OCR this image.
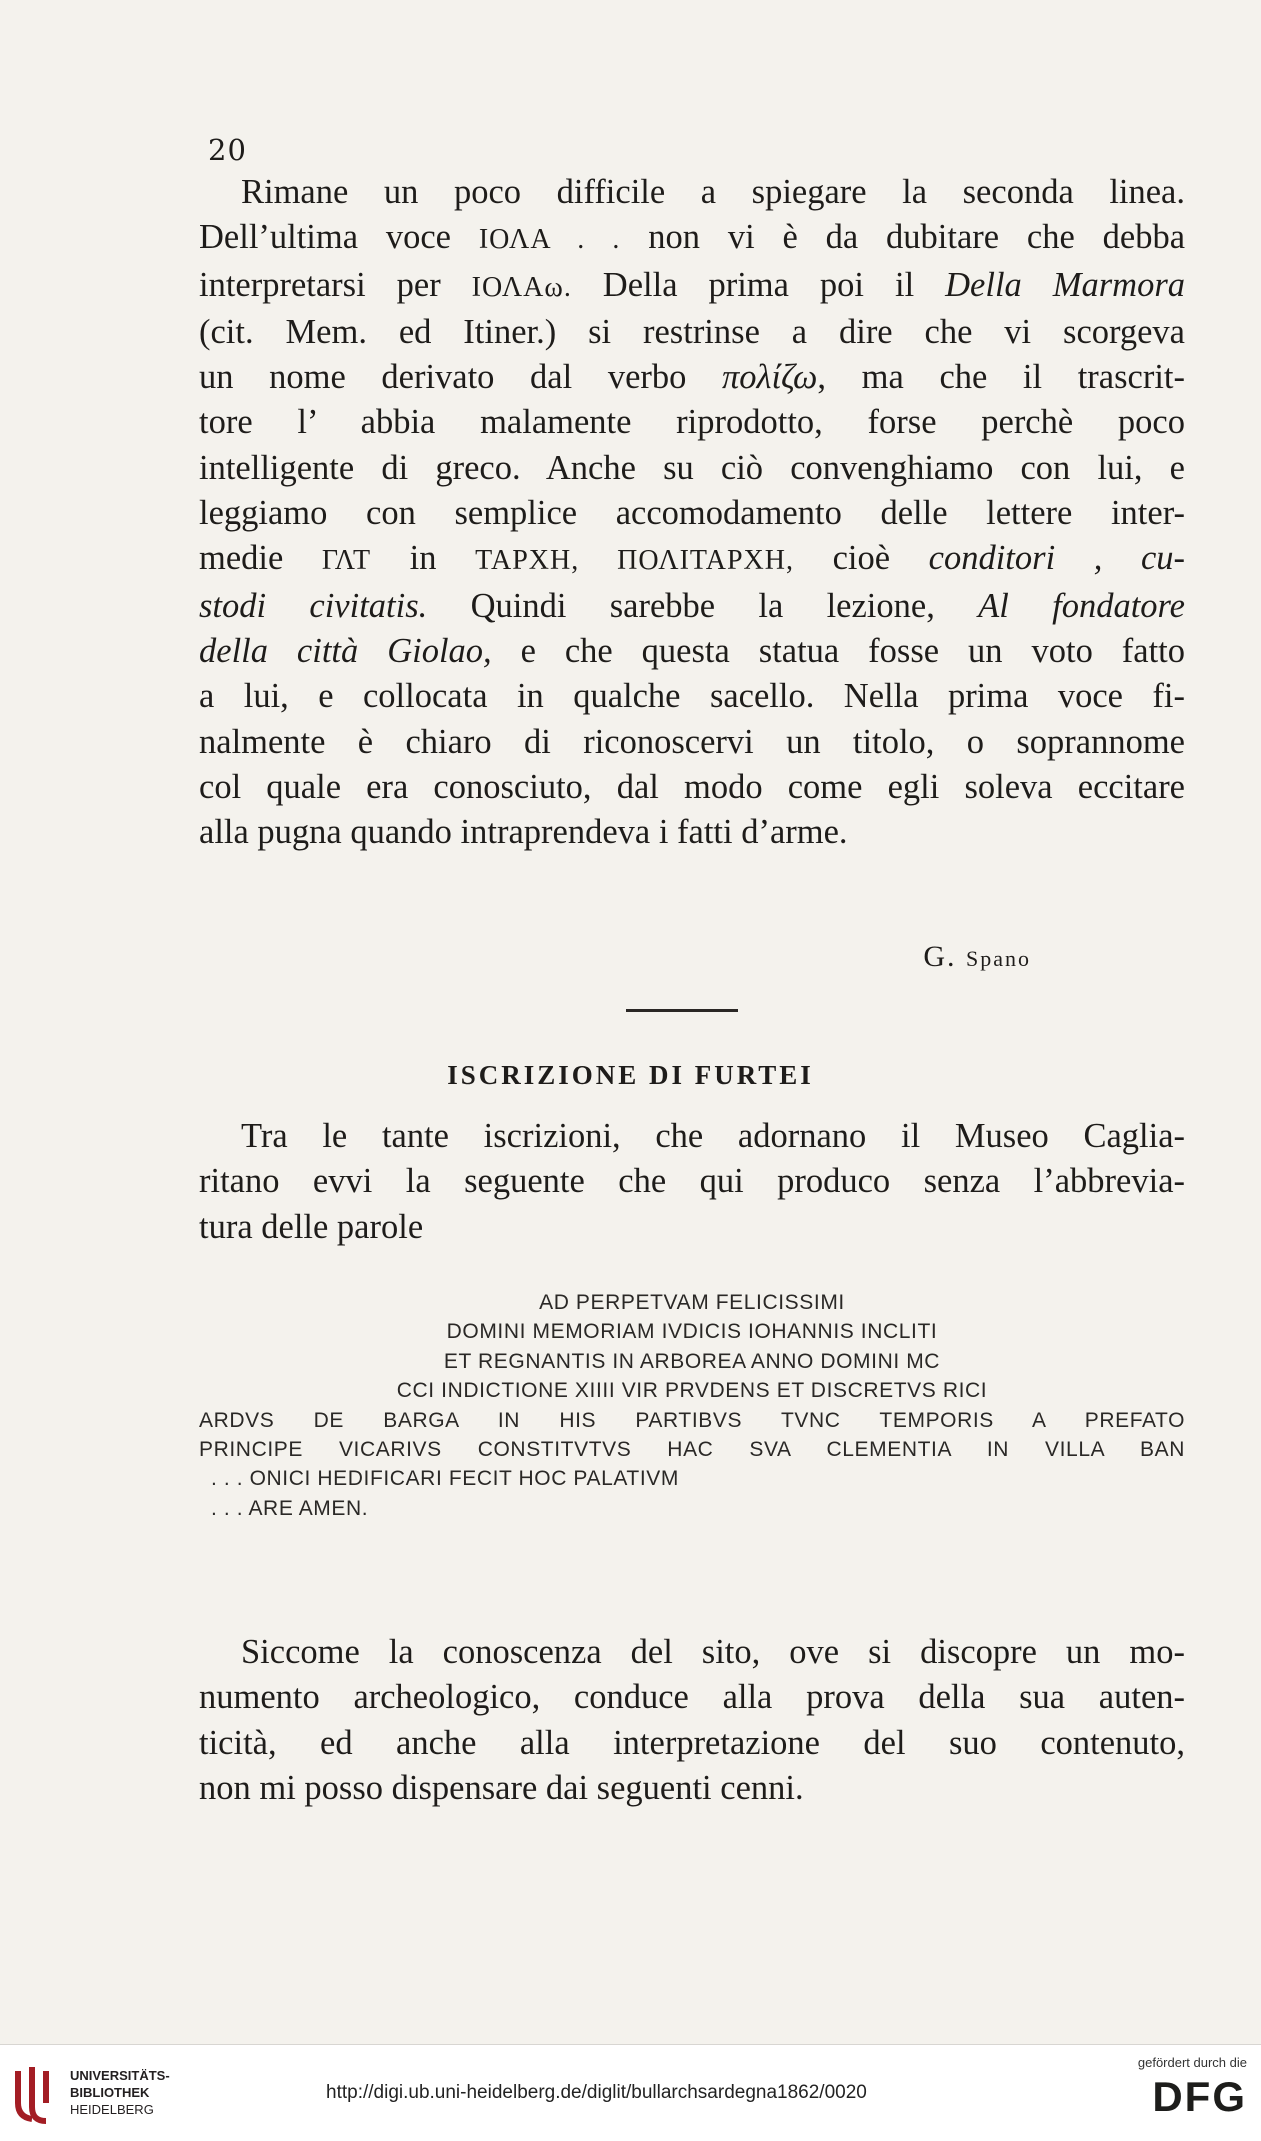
20
Rimane un poco difficile a spiegare la seconda linea.
Dell’ultima voce ΙΟΛΑ . . non vi è da dubitare che debba
interpretarsi per ΙΟΛΑω. Della prima poi il Della Marmora
(cit. Mem. ed Itiner.) si restrinse a dire che vi scorgeva
un nome derivato dal verbo πολίζω, ma che il trascrit-
tore l’ abbia malamente riprodotto, forse perchè poco
intelligente di greco. Anche su ciò convenghiamo con lui, e
leggiamo con semplice accomodamento delle lettere inter-
medie ΓΛΤ in ΤΑΡΧΗ, ΠΟΛΙΤΑΡΧΗ, cioè conditori , cu-
stodi civitatis. Quindi sarebbe la lezione, Al fondatore
della città Giolao, e che questa statua fosse un voto fatto
a lui, e collocata in qualche sacello. Nella prima voce fi-
nalmente è chiaro di riconoscervi un titolo, o soprannome
col quale era conosciuto, dal modo come egli soleva eccitare
alla pugna quando intraprendeva i fatti d’arme.
G. Spano
ISCRIZIONE DI FURTEI
Tra le tante iscrizioni, che adornano il Museo Caglia-
ritano evvi la seguente che qui produco senza l’abbrevia-
tura delle parole
AD PERPETVAM FELICISSIMI
DOMINI MEMORIAM IVDICIS IOHANNIS INCLITI
ET REGNANTIS IN ARBOREA ANNO DOMINI MC
CCI INDICTIONE XIIII VIR PRVDENS ET DISCRETVS RICI
ARDVS DE BARGA IN HIS PARTIBVS TVNC TEMPORIS A PREFATO
PRINCIPE VICARIVS CONSTITVTVS HAC SVA CLEMENTIA IN VILLA BAN
. . . ONICI HEDIFICARI FECIT HOC PALATIVM
. . . ARE AMEN.
Siccome la conoscenza del sito, ove si discopre un mo-
numento archeologico, conduce alla prova della sua auten-
ticità, ed anche alla interpretazione del suo contenuto,
non mi posso dispensare dai seguenti cenni.
UNIVERSITÄTS-
BIBLIOTHEK
HEIDELBERG
http://digi.ub.uni-heidelberg.de/diglit/bullarchsardegna1862/0020
gefördert durch die
DFG
